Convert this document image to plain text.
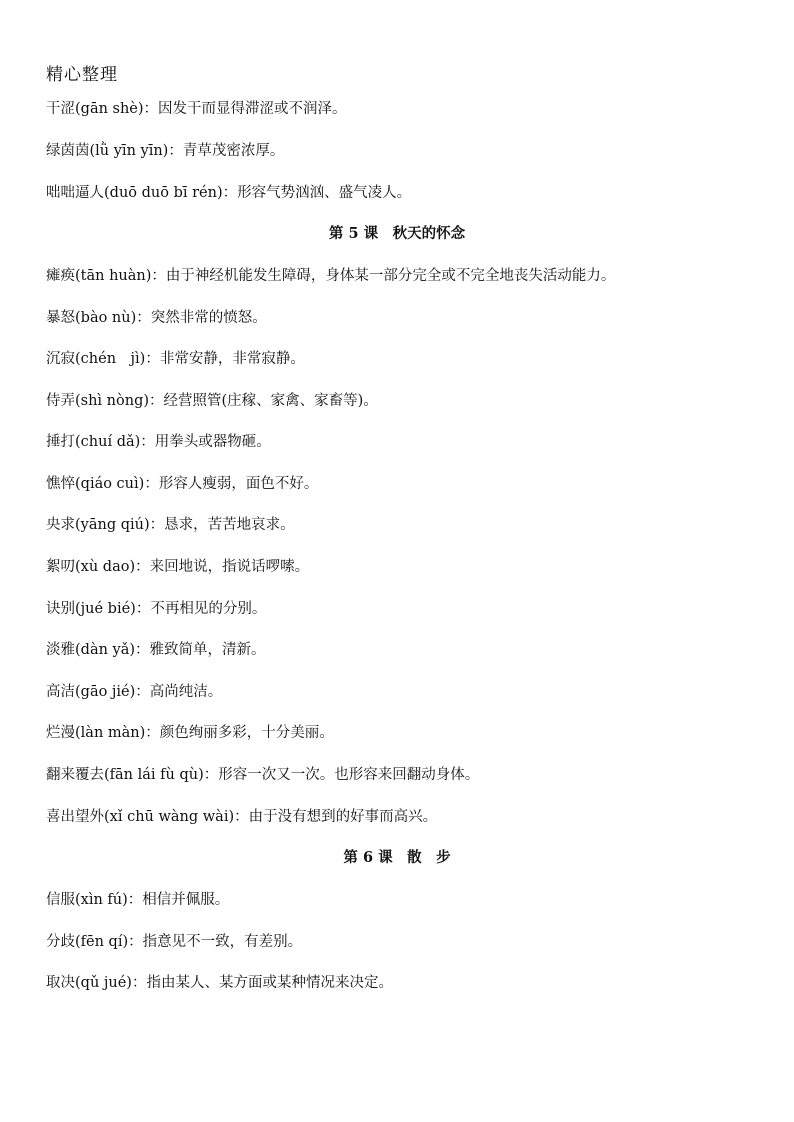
精心整理
干涩(gān shè)：因发干而显得滞涩或不润泽。
绿茵茵(lǜ yīn yīn)：青草茂密浓厚。
咄咄逼人(duō duō bī rén)：形容气势汹汹、盛气凌人。
第 5 课　秋天的怀念
瘫痪(tān huàn)：由于神经机能发生障碍，身体某一部分完全或不完全地丧失活动能力。
暴怒(bào nù)：突然非常的愤怒。
沉寂(chén　jì)：非常安静，非常寂静。
侍弄(shì nòng)：经营照管(庄稼、家禽、家畜等)。
捶打(chuí dǎ)：用拳头或器物砸。
憔悴(qiáo cuì)：形容人瘦弱，面色不好。
央求(yāng qiú)：恳求，苦苦地哀求。
絮叨(xù dao)：来回地说，指说话啰嗦。
诀别(jué bié)：不再相见的分别。
淡雅(dàn yǎ)：雅致简单，清新。
高洁(gāo jié)：高尚纯洁。
烂漫(làn màn)：颜色绚丽多彩，十分美丽。
翻来覆去(fān lái fù qù)：形容一次又一次。也形容来回翻动身体。
喜出望外(xǐ chū wàng wài)：由于没有想到的好事而高兴。
第 6 课　散　步
信服(xìn fú)：相信并佩服。
分歧(fēn qí)：指意见不一致，有差别。
取决(qǔ jué)：指由某人、某方面或某种情况来决定。
